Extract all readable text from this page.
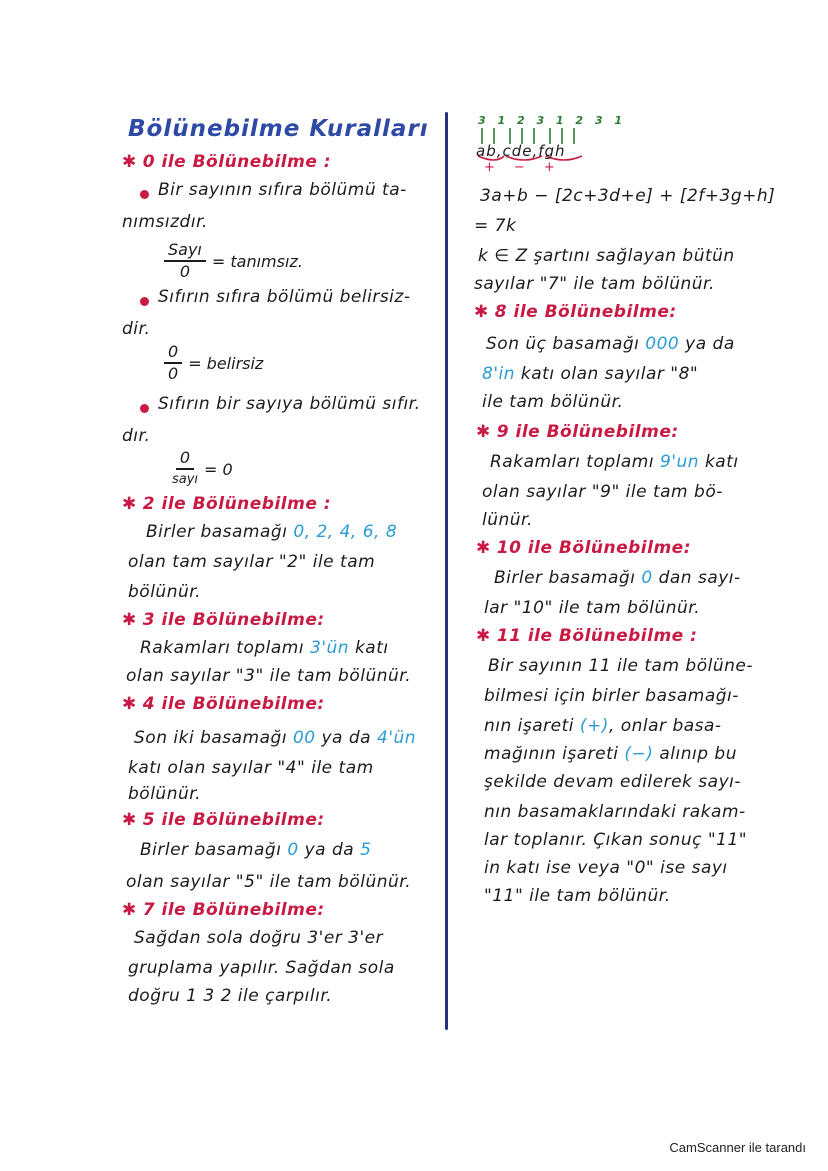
Bölünebilme Kuralları
✱ 0 ile Bölünebilme :
Bir sayının sıfıra bölümü ta-
nımsızdır.
Sayı
0
= tanımsız.
Sıfırın sıfıra bölümü belirsiz-
dir.
$\frac{0}{0}$ = belirsiz
Sıfırın bir sayıya bölümü sıfır.
dır.
0
sayı
= 0
✱ 2 ile Bölünebilme :
Birler basamağı 0, 2, 4, 6, 8
olan tam sayılar "2" ile tam
bölünür.
✱ 3 ile Bölünebilme:
Rakamları toplamı 3'ün katı
olan sayılar "3" ile tam bölünür.
✱ 4 ile Bölünebilme:
Son iki basamağı 00 ya da 4'ün
katı olan sayılar "4" ile tam
bölünür.
✱ 5 ile Bölünebilme:
Birler basamağı 0 ya da 5
olan sayılar "5" ile tam bölünür.
✱ 7 ile Bölünebilme:
Sağdan sola doğru 3'er 3'er
gruplama yapılır. Sağdan sola
doğru 1 3 2 ile çarpılır.
3 1 2 3 1 2 3 1
ab,cde,fgh
+    −    +
3a+b − [2c+3d+e] + [2f+3g+h]
= 7k
k ∈ Z şartını sağlayan bütün
sayılar "7" ile tam bölünür.
✱ 8 ile Bölünebilme:
Son üç basamağı 000 ya da
8'in katı olan sayılar "8"
ile tam bölünür.
✱ 9 ile Bölünebilme:
Rakamları toplamı 9'un katı
olan sayılar "9" ile tam bö-
lünür.
✱ 10 ile Bölünebilme:
Birler basamağı 0 dan sayı-
lar "10" ile tam bölünür.
✱ 11 ile Bölünebilme :
Bir sayının 11 ile tam bölüne-
bilmesi için birler basamağı-
nın işareti (+), onlar basa-
mağının işareti (−) alınıp bu
şekilde devam edilerek sayı-
nın basamaklarındaki rakam-
lar toplanır. Çıkan sonuç "11"
in katı ise veya "0" ise sayı
"11" ile tam bölünür.
CamScanner ile tarandı
